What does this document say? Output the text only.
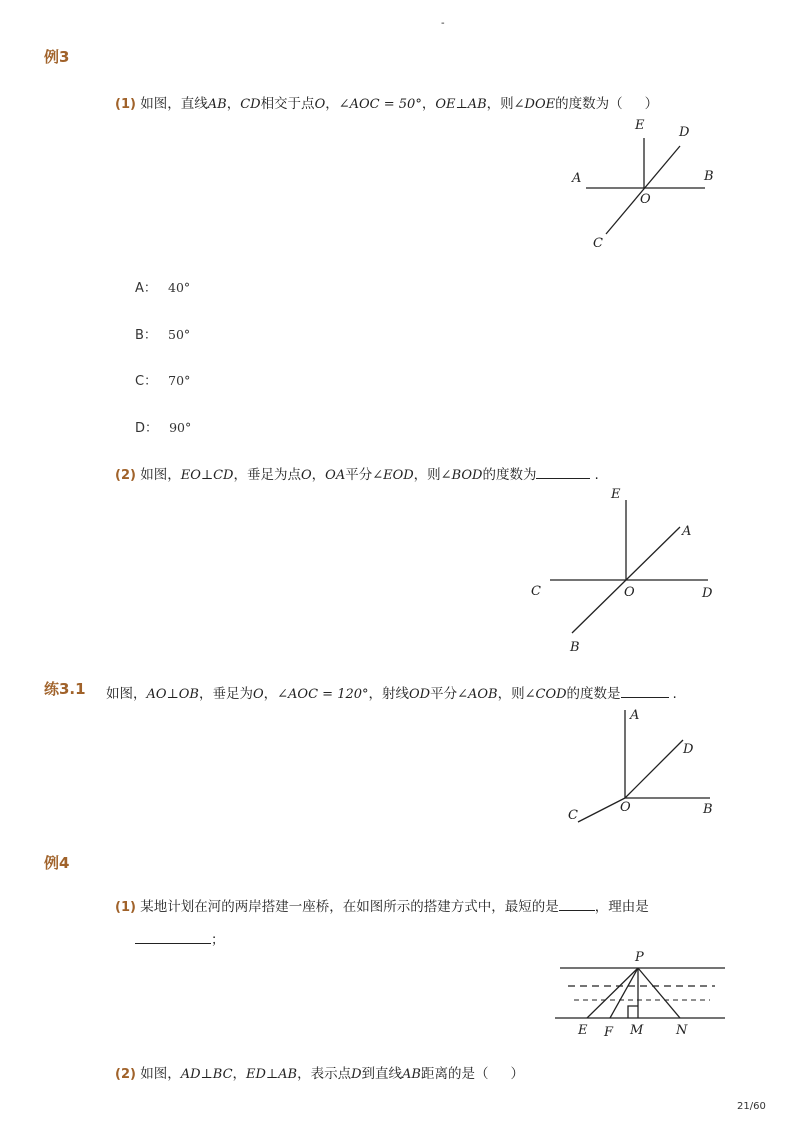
-
例3
(1) 如图，直线AB，CD相交于点O，∠AOC = 50°，OE⊥AB，则∠DOE的度数为（ ）
E	D
A	B
O
C
A： 40°
B： 50°
C： 70°
D： 90°
(2) 如图，EO⊥CD，垂足为点O，OA平分∠EOD，则∠BOD的度数为	.
E
A
C	O	D
B
练3.1 如图，AO⊥OB，垂足为O，∠AOC = 120°，射线OD平分∠AOB，则∠COD的度数是	.
A
D
C
O	B
例4
(1) 某地计划在河的两岸搭建一座桥，在如图所示的搭建方式中，最短的是	，理由是
；
P
E F M	N
(2) 如图，AD⊥BC，ED⊥AB，表示点D到直线AB距离的是（ ）
21/60
